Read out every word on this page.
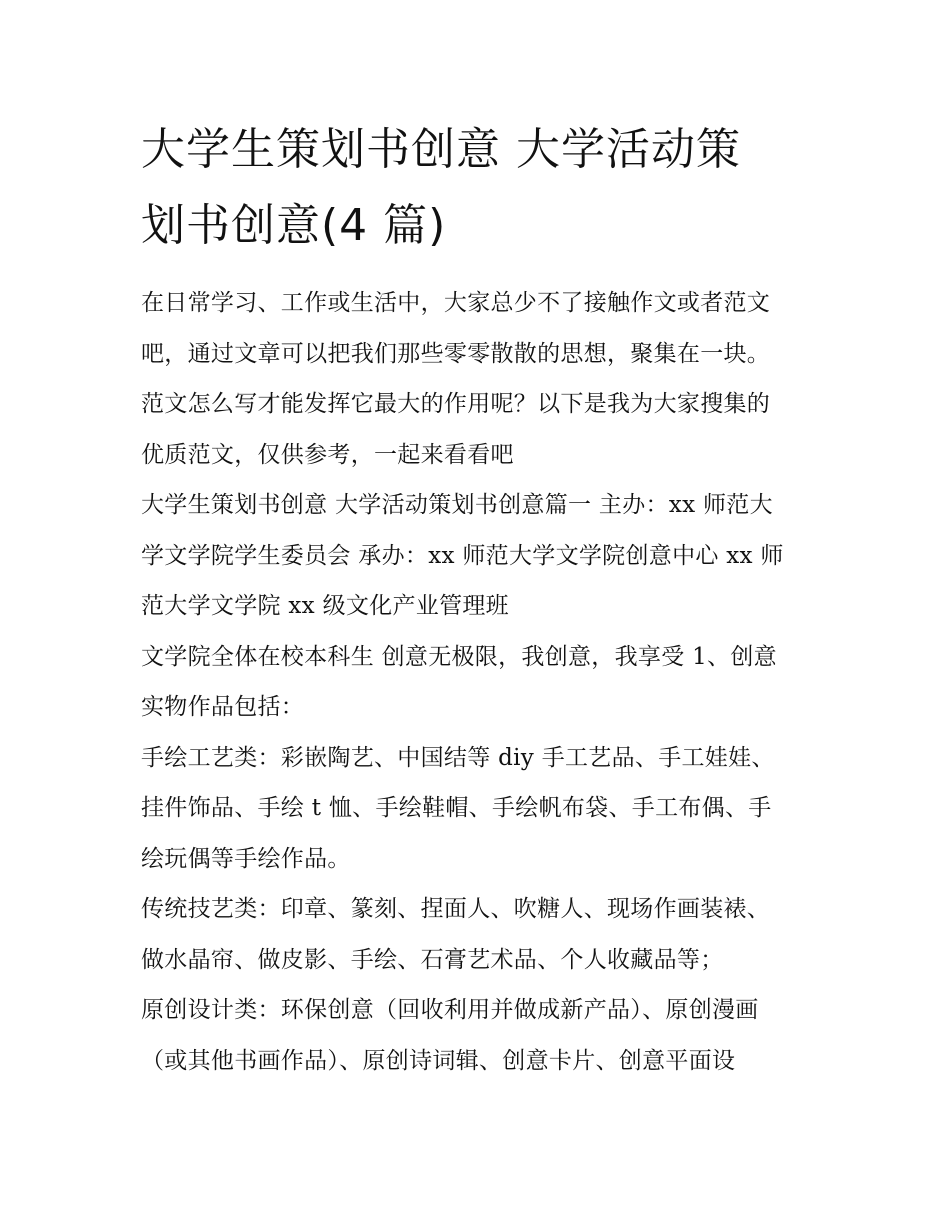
大学生策划书创意 大学活动策
划书创意(4 篇)

在日常学习、工作或生活中，大家总少不了接触作文或者范文
吧，通过文章可以把我们那些零零散散的思想，聚集在一块。
范文怎么写才能发挥它最大的作用呢？以下是我为大家搜集的
优质范文，仅供参考，一起来看看吧

大学生策划书创意 大学活动策划书创意篇一 主办：xx 师范大
学文学院学生委员会 承办：xx 师范大学文学院创意中心 xx 师
范大学文学院 xx 级文化产业管理班

文学院全体在校本科生 创意无极限，我创意，我享受 1、创意
实物作品包括：

手绘工艺类：彩嵌陶艺、中国结等 diy 手工艺品、手工娃娃、
挂件饰品、手绘 t 恤、手绘鞋帽、手绘帆布袋、手工布偶、手
绘玩偶等手绘作品。

传统技艺类：印章、篆刻、捏面人、吹糖人、现场作画装裱、
做水晶帘、做皮影、手绘、石膏艺术品、个人收藏品等；

原创设计类：环保创意（回收利用并做成新产品）、原创漫画
（或其他书画作品）、原创诗词辑、创意卡片、创意平面设
